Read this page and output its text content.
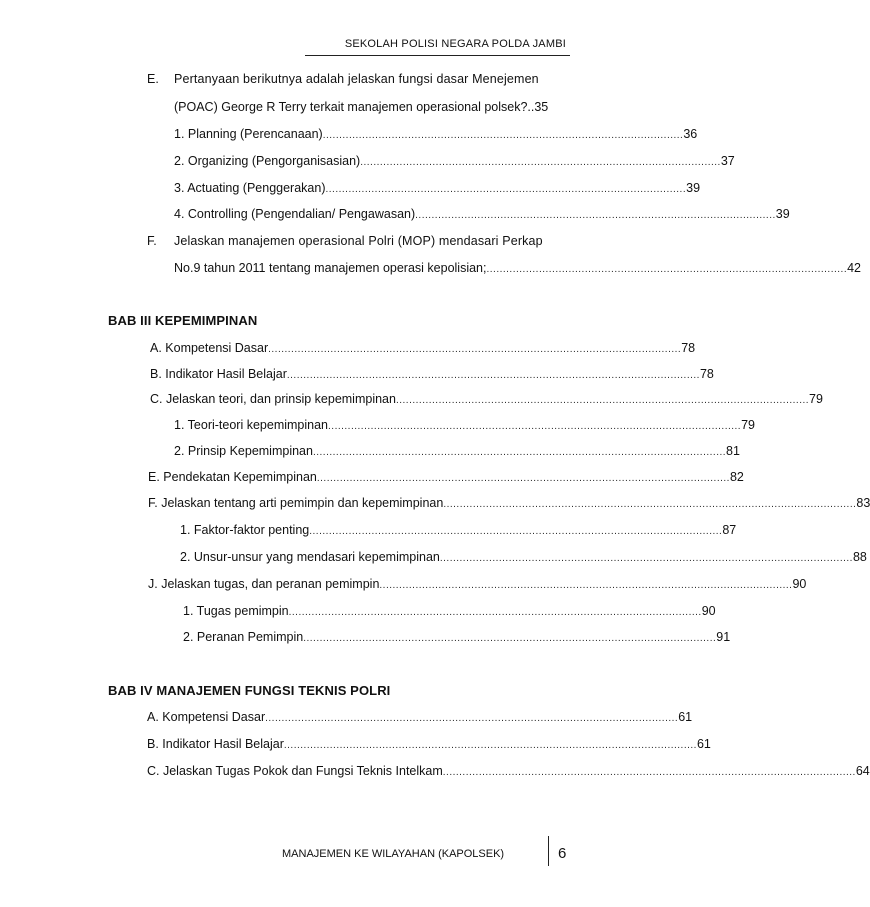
SEKOLAH POLISI NEGARA POLDA JAMBI
E. Pertanyaan berikutnya adalah jelaskan fungsi dasar Menejemen
(POAC) George R Terry terkait manajemen operasional polsek?..35
1. Planning (Perencanaan) .............................................................................................................. 36
2. Organizing (Pengorganisasian) .............................................................................................................. 37
3. Actuating (Penggerakan) .............................................................................................................. 39
4. Controlling (Pengendalian/ Pengawasan) .............................................................................................................. 39
F. Jelaskan manajemen operasional Polri (MOP) mendasari Perkap
No.9 tahun 2011 tentang manajemen operasi kepolisian; .............................................................................................................. 42
BAB III KEPEMIMPINAN
A. Kompetensi Dasar .............................................................................................................................. 78
B. Indikator Hasil Belajar .............................................................................................................................. 78
C. Jelaskan teori, dan prinsip kepemimpinan .............................................................................................................................. 79
1. Teori-teori kepemimpinan .............................................................................................................................. 79
2. Prinsip Kepemimpinan .............................................................................................................................. 81
E. Pendekatan Kepemimpinan .............................................................................................................................. 82
F. Jelaskan tentang arti pemimpin dan kepemimpinan .............................................................................................................................. 83
1. Faktor-faktor penting .............................................................................................................................. 87
2. Unsur-unsur yang mendasari kepemimpinan .............................................................................................................................. 88
J. Jelaskan tugas, dan peranan pemimpin .............................................................................................................................. 90
1. Tugas pemimpin .............................................................................................................................. 90
2. Peranan Pemimpin .............................................................................................................................. 91
BAB IV MANAJEMEN FUNGSI TEKNIS POLRI
A. Kompetensi Dasar .............................................................................................................................. 61
B. Indikator Hasil Belajar .............................................................................................................................. 61
C. Jelaskan Tugas Pokok dan Fungsi Teknis Intelkam .............................................................................................................................. 64
MANAJEMEN KE WILAYAHAN (KAPOLSEK)	6
